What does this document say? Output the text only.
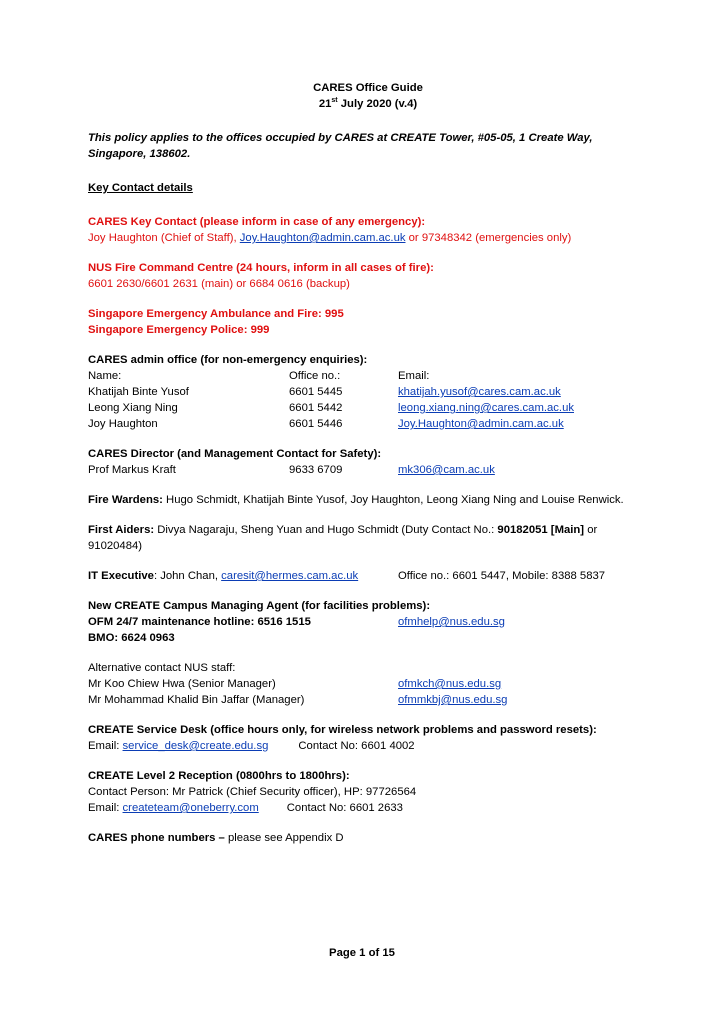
CARES Office Guide

21st July 2020 (v.4)

This policy applies to the offices occupied by CARES at CREATE Tower, #05-05, 1 Create Way, Singapore, 138602.

Key Contact details

CARES Key Contact (please inform in case of any emergency):

Joy Haughton (Chief of Staff), Joy.Haughton@admin.cam.ac.uk or 97348342 (emergencies only)

NUS Fire Command Centre (24 hours, inform in all cases of fire):

6601 2630/6601 2631 (main) or 6684 0616 (backup)

Singapore Emergency Ambulance and Fire: 995

Singapore Emergency Police: 999

CARES admin office (for non-emergency enquiries):

Name:	Office no.:	Email:
Khatijah Binte Yusof	6601 5445	khatijah.yusof@cares.cam.ac.uk
Leong Xiang Ning	6601 5442	leong.xiang.ning@cares.cam.ac.uk
Joy Haughton	6601 5446	Joy.Haughton@admin.cam.ac.uk

CARES Director (and Management Contact for Safety):

Prof Markus Kraft	9633 6709	mk306@cam.ac.uk

Fire Wardens: Hugo Schmidt, Khatijah Binte Yusof, Joy Haughton, Leong Xiang Ning and Louise Renwick.

First Aiders: Divya Nagaraju, Sheng Yuan and Hugo Schmidt (Duty Contact No.: 90182051 [Main] or 91020484)

IT Executive: John Chan, caresit@hermes.cam.ac.uk	Office no.: 6601 5447, Mobile: 8388 5837

New CREATE Campus Managing Agent (for facilities problems):

OFM 24/7 maintenance hotline: 6516 1515	ofmhelp@nus.edu.sg

BMO: 6624 0963

Alternative contact NUS staff:

Mr Koo Chiew Hwa (Senior Manager)	ofmkch@nus.edu.sg
Mr Mohammad Khalid Bin Jaffar (Manager)	ofmmkbj@nus.edu.sg

CREATE Service Desk (office hours only, for wireless network problems and password resets):

Email: service_desk@create.edu.sg	Contact No: 6601 4002

CREATE Level 2 Reception (0800hrs to 1800hrs):

Contact Person: Mr Patrick (Chief Security officer), HP: 97726564

Email: createteam@oneberry.com Contact No: 6601 2633

CARES phone numbers – please see Appendix D

Page 1 of 15
